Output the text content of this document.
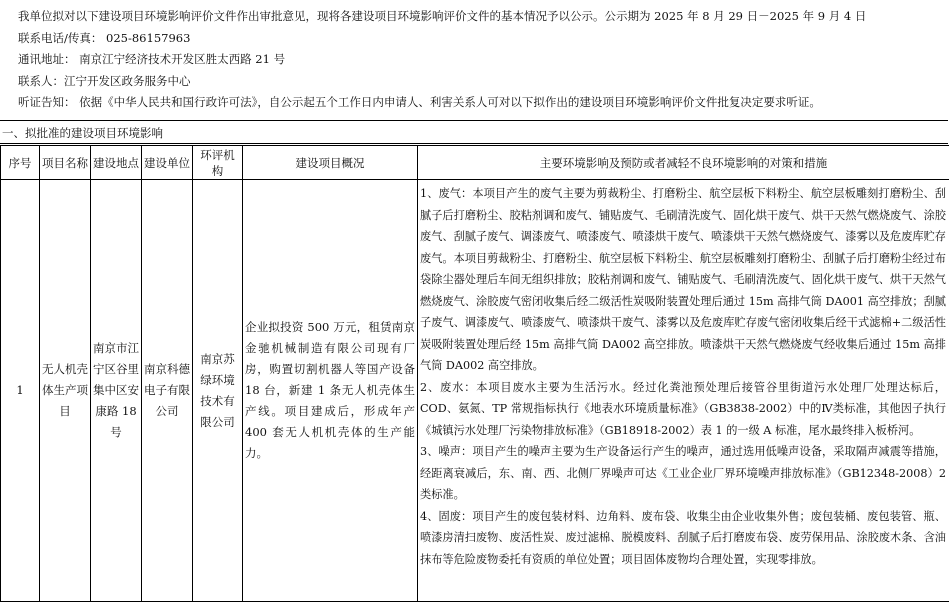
我单位拟对以下建设项目环境影响评价文件作出审批意见，现将各建设项目环境影响评价文件的基本情况予以公示。公示期为 2025 年 8 月 29 日－2025 年 9 月 4 日
联系电话/传真： 025-86157963
通讯地址： 南京江宁经济技术开发区胜太西路 21 号
联系人：江宁开发区政务服务中心
听证告知： 依据《中华人民共和国行政许可法》，自公示起五个工作日内申请人、利害关系人可对以下拟作出的建设项目环境影响评价文件批复决定要求听证。
一、拟批准的建设项目环境影响
序号	项目名称	建设地点	建设单位	环评机构	建设项目概况	主要环境影响及预防或者减轻不良环境影响的对策和措施
1	无人机壳体生产项目	南京市江宁区谷里集中区安康路 18 号	南京科德电子有限公司	南京苏绿环境技术有限公司	企业拟投资 500 万元，租赁南京金驰机械制造有限公司现有厂房，购置切割机器人等国产设备 18 台，新建 1 条无人机壳体生产线。项目建成后，形成年产 400 套无人机机壳体的生产能力。	1、废气：本项目产生的废气主要为剪裁粉尘、打磨粉尘、航空层板下料粉尘、航空层板雕刻打磨粉尘、刮腻子后打磨粉尘、胶粘剂调和废气、铺贴废气、毛刷清洗废气、固化烘干废气、烘干天然气燃烧废气、涂胶废气、刮腻子废气、调漆废气、喷漆废气、喷漆烘干废气、喷漆烘干天然气燃烧废气、漆雾以及危废库贮存废气。本项目剪裁粉尘、打磨粉尘、航空层板下料粉尘、航空层板雕刻打磨粉尘、刮腻子后打磨粉尘经过布袋除尘器处理后车间无组织排放；胶粘剂调和废气、铺贴废气、毛刷清洗废气、固化烘干废气、烘干天然气燃烧废气、涂胶废气密闭收集后经二级活性炭吸附装置处理后通过 15m 高排气筒 DA001 高空排放；刮腻子废气、调漆废气、喷漆废气、喷漆烘干废气、漆雾以及危废库贮存废气密闭收集后经干式滤棉+二级活性炭吸附装置处理后经 15m 高排气筒 DA002 高空排放。喷漆烘干天然气燃烧废气经收集后通过 15m 高排气筒 DA002 高空排放。
2、废水：本项目废水主要为生活污水。经过化粪池预处理后接管谷里街道污水处理厂处理达标后，COD、氨氮、TP 常规指标执行《地表水环境质量标准》（GB3838-2002）中的Ⅳ类标准，其他因子执行《城镇污水处理厂污染物排放标准》（GB18918-2002）表 1 的一级 A 标准，尾水最终排入板桥河。
3、噪声：项目产生的噪声主要为生产设备运行产生的噪声，通过选用低噪声设备，采取隔声减震等措施，经距离衰减后，东、南、西、北侧厂界噪声可达《工业企业厂界环境噪声排放标准》（GB12348-2008）2 类标准。
4、固废：项目产生的废包装材料、边角料、废布袋、收集尘由企业收集外售；废包装桶、废包装管、瓶、喷漆房清扫废物、废活性炭、废过滤棉、脱模废料、刮腻子后打磨废布袋、废劳保用品、涂胶废木条、含油抹布等危险废物委托有资质的单位处置；项目固体废物均合理处置，实现零排放。
